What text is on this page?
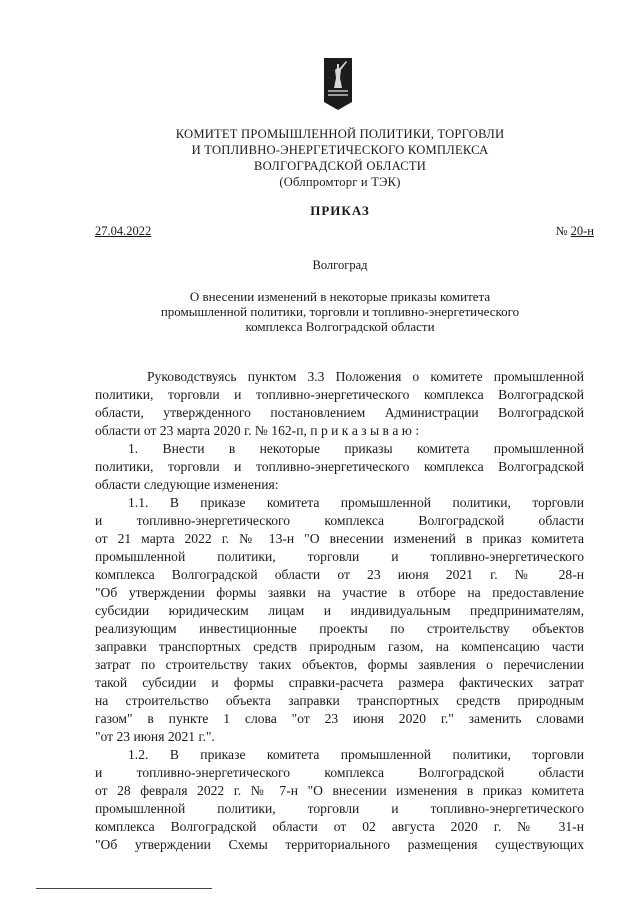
КОМИТЕТ ПРОМЫШЛЕННОЙ ПОЛИТИКИ, ТОРГОВЛИ
И ТОПЛИВНО-ЭНЕРГЕТИЧЕСКОГО КОМПЛЕКСА
ВОЛГОГРАДСКОЙ ОБЛАСТИ
(Облпромторг и ТЭК)
ПРИКАЗ
27.04.2022	№ 20-н
Волгоград
О внесении изменений в некоторые приказы комитета
промышленной политики, торговли и топливно-энергетического
комплекса Волгоградской области
Руководствуясь пунктом 3.3 Положения о комитете промышленной
политики, торговли и топливно-энергетического комплекса Волгоградской
области, утвержденного постановлением Администрации Волгоградской
области от 23 марта 2020 г. № 162-п, п р и к а з ы в а ю :
1. Внести в некоторые приказы комитета промышленной
политики, торговли и топливно-энергетического комплекса Волгоградской
области следующие изменения:
1.1. В приказе комитета промышленной политики, торговли
и топливно-энергетического комплекса Волгоградской области
от 21 марта 2022 г. № 13-н "О внесении изменений в приказ комитета
промышленной политики, торговли и топливно-энергетического
комплекса Волгоградской области от 23 июня 2021 г. № 28-н
"Об утверждении формы заявки на участие в отборе на предоставление
субсидии юридическим лицам и индивидуальным предпринимателям,
реализующим инвестиционные проекты по строительству объектов
заправки транспортных средств природным газом, на компенсацию части
затрат по строительству таких объектов, формы заявления о перечислении
такой субсидии и формы справки-расчета размера фактических затрат
на строительство объекта заправки транспортных средств природным
газом" в пункте 1 слова "от 23 июня 2020 г." заменить словами
"от 23 июня 2021 г.".
1.2. В приказе комитета промышленной политики, торговли
и топливно-энергетического комплекса Волгоградской области
от 28 февраля 2022 г. № 7-н "О внесении изменения в приказ комитета
промышленной политики, торговли и топливно-энергетического
комплекса Волгоградской области от 02 августа 2020 г. № 31-н
"Об утверждении Схемы территориального размещения существующих
